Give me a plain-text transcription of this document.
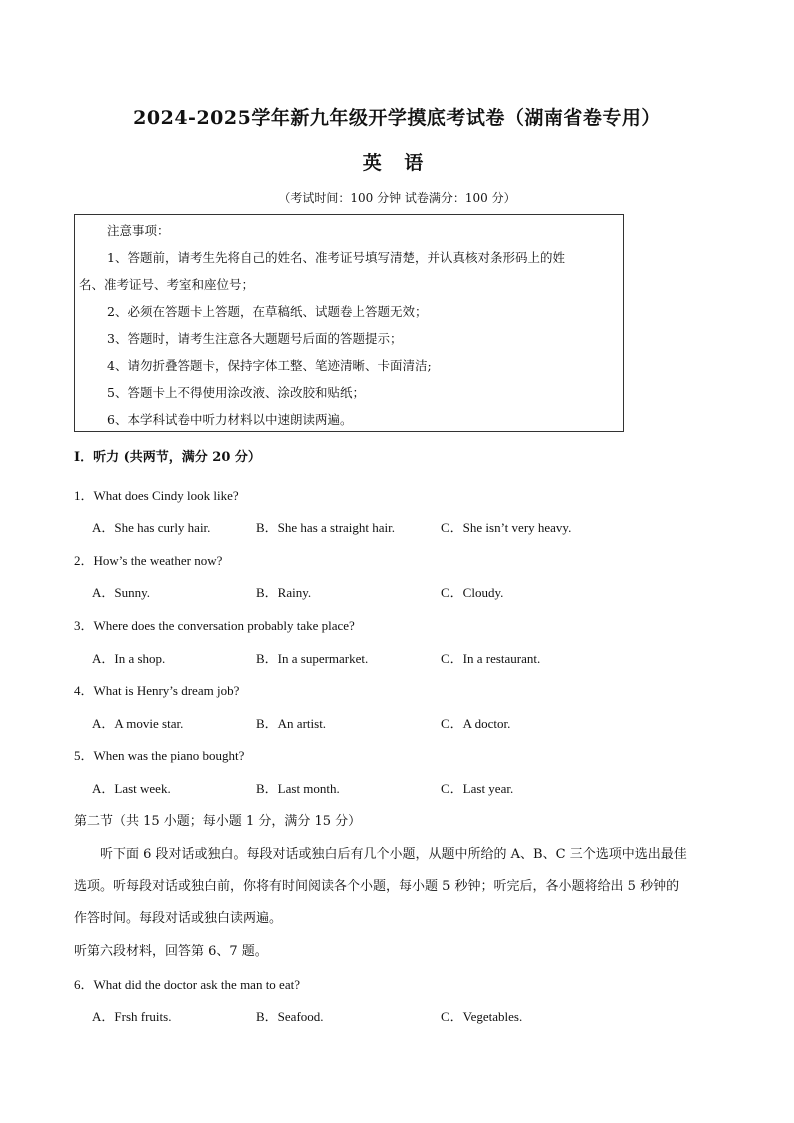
2024-2025学年新九年级开学摸底考试卷（湖南省卷专用）
英 语
（考试时间：100 分钟 试卷满分：100 分）
注意事项：
1、答题前，请考生先将自己的姓名、准考证号填写清楚，并认真核对条形码上的姓
名、准考证号、考室和座位号；
2、必须在答题卡上答题，在草稿纸、试题卷上答题无效；
3、答题时，请考生注意各大题题号后面的答题提示；
4、请勿折叠答题卡，保持字体工整、笔迹清晰、卡面清洁;
5、答题卡上不得使用涂改液、涂改胶和贴纸；
6、本学科试卷中听力材料以中速朗读两遍。
I．听力 (共两节，满分 20 分）
1．What does Cindy look like?
A．She has curly hair.	B．She has a straight hair.	C．She isn’t very heavy.
2．How’s the weather now?
A．Sunny.	B．Rainy.	C．Cloudy.
3．Where does the conversation probably take place?
A．In a shop.	B．In a supermarket.	C．In a restaurant.
4．What is Henry’s dream job?
A．A movie star.	B．An artist.	C．A doctor.
5．When was the piano bought?
A．Last week.	B．Last month.	C．Last year.
第二节（共 15 小题；每小题 1 分，满分 15 分）
听下面 6 段对话或独白。每段对话或独白后有几个小题，从题中所给的 A、B、C 三个选项中选出最佳
选项。听每段对话或独白前，你将有时间阅读各个小题，每小题 5 秒钟；听完后，各小题将给出 5 秒钟的
作答时间。每段对话或独白读两遍。
听第六段材料，回答第 6、7 题。
6．What did the doctor ask the man to eat?
A．Frsh fruits.	B．Seafood.	C．Vegetables.
